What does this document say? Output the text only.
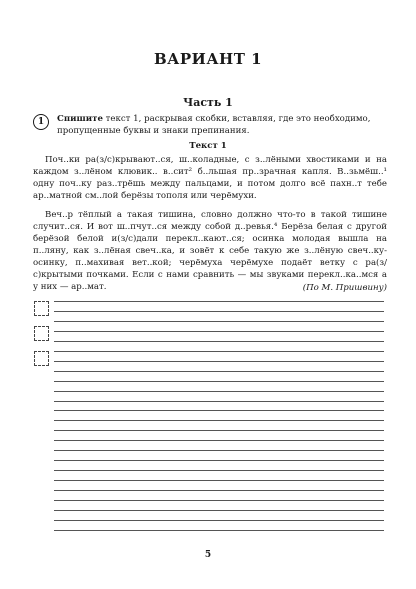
ВАРИАНТ 1
Часть 1
1	Спишите текст 1, раскрывая скобки, вставляя, где это необходимо, пропущенные буквы и знаки препинания.
Текст 1

Поч..ки ра(з/с)крывают..ся, ш..коладные, с з..лёными хвостиками и на каждом з..лёном клювик.. в..сит² б..льшая пр..зрачная капля. В..зьмёш..¹ одну поч..ку раз..трёшь между пальцами, и потом долго всё пахн..т тебе ар..матной см..лой берёзы тополя или черёмухи.

Веч..р тёплый а такая тишина, словно должно что-то в такой тишине случит..ся. И вот ш..пчут..ся между собой д..ревья.⁴ Берёза белая с другой берёзой белой и(з/с)дали перекл..кают..ся; осинка молодая вышла на п..ляну, как з..лёная свеч..ка, и зовёт к себе такую же з..лёную свеч..ку-осинку, п..махивая вет..кой; черёмуха черёмухе подаёт ветку с ра(з/с)крытыми почками. Если с нами сравнить — мы звуками перекл..ка..мся а у них — ар..мат.	(По М. Пришвину)
5
